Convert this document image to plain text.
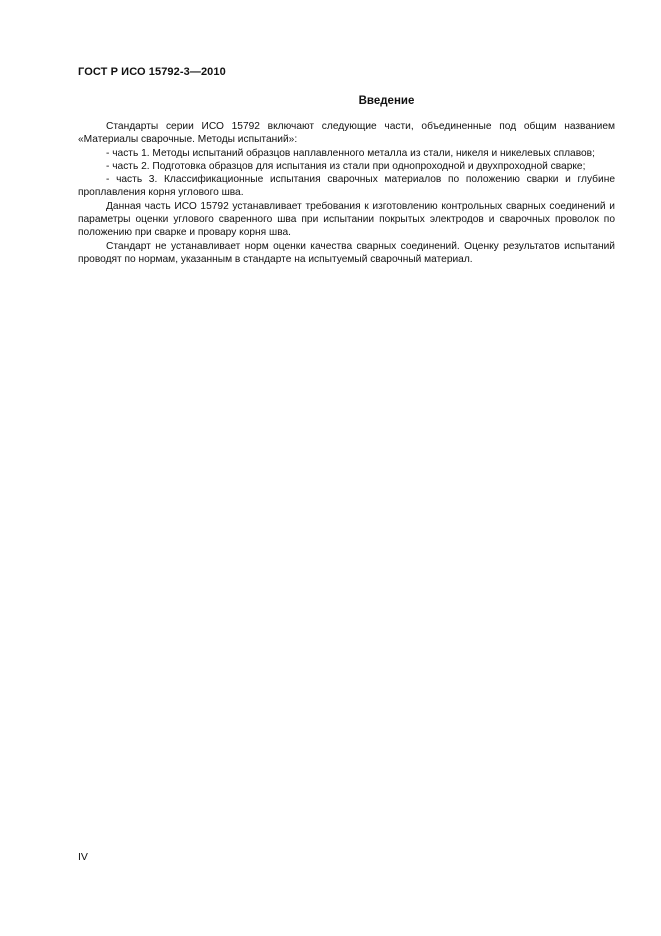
ГОСТ Р ИСО 15792-3—2010
Введение

Стандарты серии ИСО 15792 включают следующие части, объединенные под общим названием «Материалы сварочные. Методы испытаний»:

- часть 1. Методы испытаний образцов наплавленного металла из стали, никеля и никелевых сплавов;

- часть 2. Подготовка образцов для испытания из стали при однопроходной и двухпроходной сварке;

- часть 3. Классификационные испытания сварочных материалов по положению сварки и глубине проплавления корня углового шва.

Данная часть ИСО 15792 устанавливает требования к изготовлению контрольных сварных соединений и параметры оценки углового сваренного шва при испытании покрытых электродов и сварочных проволок по положению при сварке и провару корня шва.

Стандарт не устанавливает норм оценки качества сварных соединений. Оценку результатов испытаний проводят по нормам, указанным в стандарте на испытуемый сварочный материал.

IV
